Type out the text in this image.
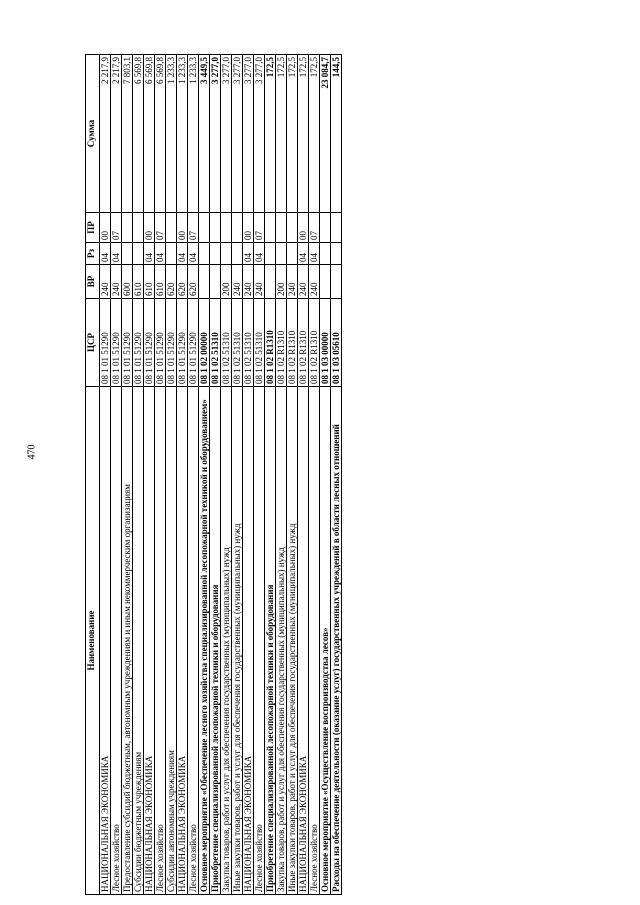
470
Наименование	ЦСР	ВР	Рз	ПР	Сумма
НАЦИОНАЛЬНАЯ ЭКОНОМИКА	08 1 01 51290	240	04	00	2 217,9
Лесное хозяйство	08 1 01 51290	240	04	07	2 217,9
Предоставление субсидий бюджетным, автономным учреждениям и иным некоммерческим организациям	08 1 01 51290	600			7 803,1
Субсидии бюджетным учреждениям	08 1 01 51290	610			6 569,8
НАЦИОНАЛЬНАЯ ЭКОНОМИКА	08 1 01 51290	610	04	00	6 569,8
Лесное хозяйство	08 1 01 51290	610	04	07	6 569,8
Субсидии автономным учреждениям	08 1 01 51290	620			1 233,3
НАЦИОНАЛЬНАЯ ЭКОНОМИКА	08 1 01 51290	620	04	00	1 233,3
Лесное хозяйство	08 1 01 51290	620	04	07	1 233,3
Основное мероприятие «Обеспечение лесного хозяйства специализированной лесопожарной техникой и оборудованием»	08 1 02 00000				3 449,5
Приобретение специализированной лесопожарной техники и оборудования	08 1 02 51310				3 277,0
Закупка товаров, работ и услуг для обеспечения государственных (муниципальных) нужд	08 1 02 51310	200			3 277,0
Иные закупки товаров, работ и услуг для обеспечения государственных (муниципальных) нужд	08 1 02 51310	240			3 277,0
НАЦИОНАЛЬНАЯ ЭКОНОМИКА	08 1 02 51310	240	04	00	3 277,0
Лесное хозяйство	08 1 02 51310	240	04	07	3 277,0
Приобретение специализированной лесопожарной техники и оборудования	08 1 02 R1310				172,5
Закупка товаров, работ и услуг для обеспечения государственных (муниципальных) нужд	08 1 02 R1310	200			172,5
Иные закупки товаров, работ и услуг для обеспечения государственных (муниципальных) нужд	08 1 02 R1310	240			172,5
НАЦИОНАЛЬНАЯ ЭКОНОМИКА	08 1 02 R1310	240	04	00	172,5
Лесное хозяйство	08 1 02 R1310	240	04	07	172,5
Основное мероприятие «Осуществление воспроизводства лесов»	08 1 03 00000				23 084,7
Расходы на обеспечение деятельности (оказание услуг) государственных учреждений в области лесных отношений	08 1 03 05610				144,5
